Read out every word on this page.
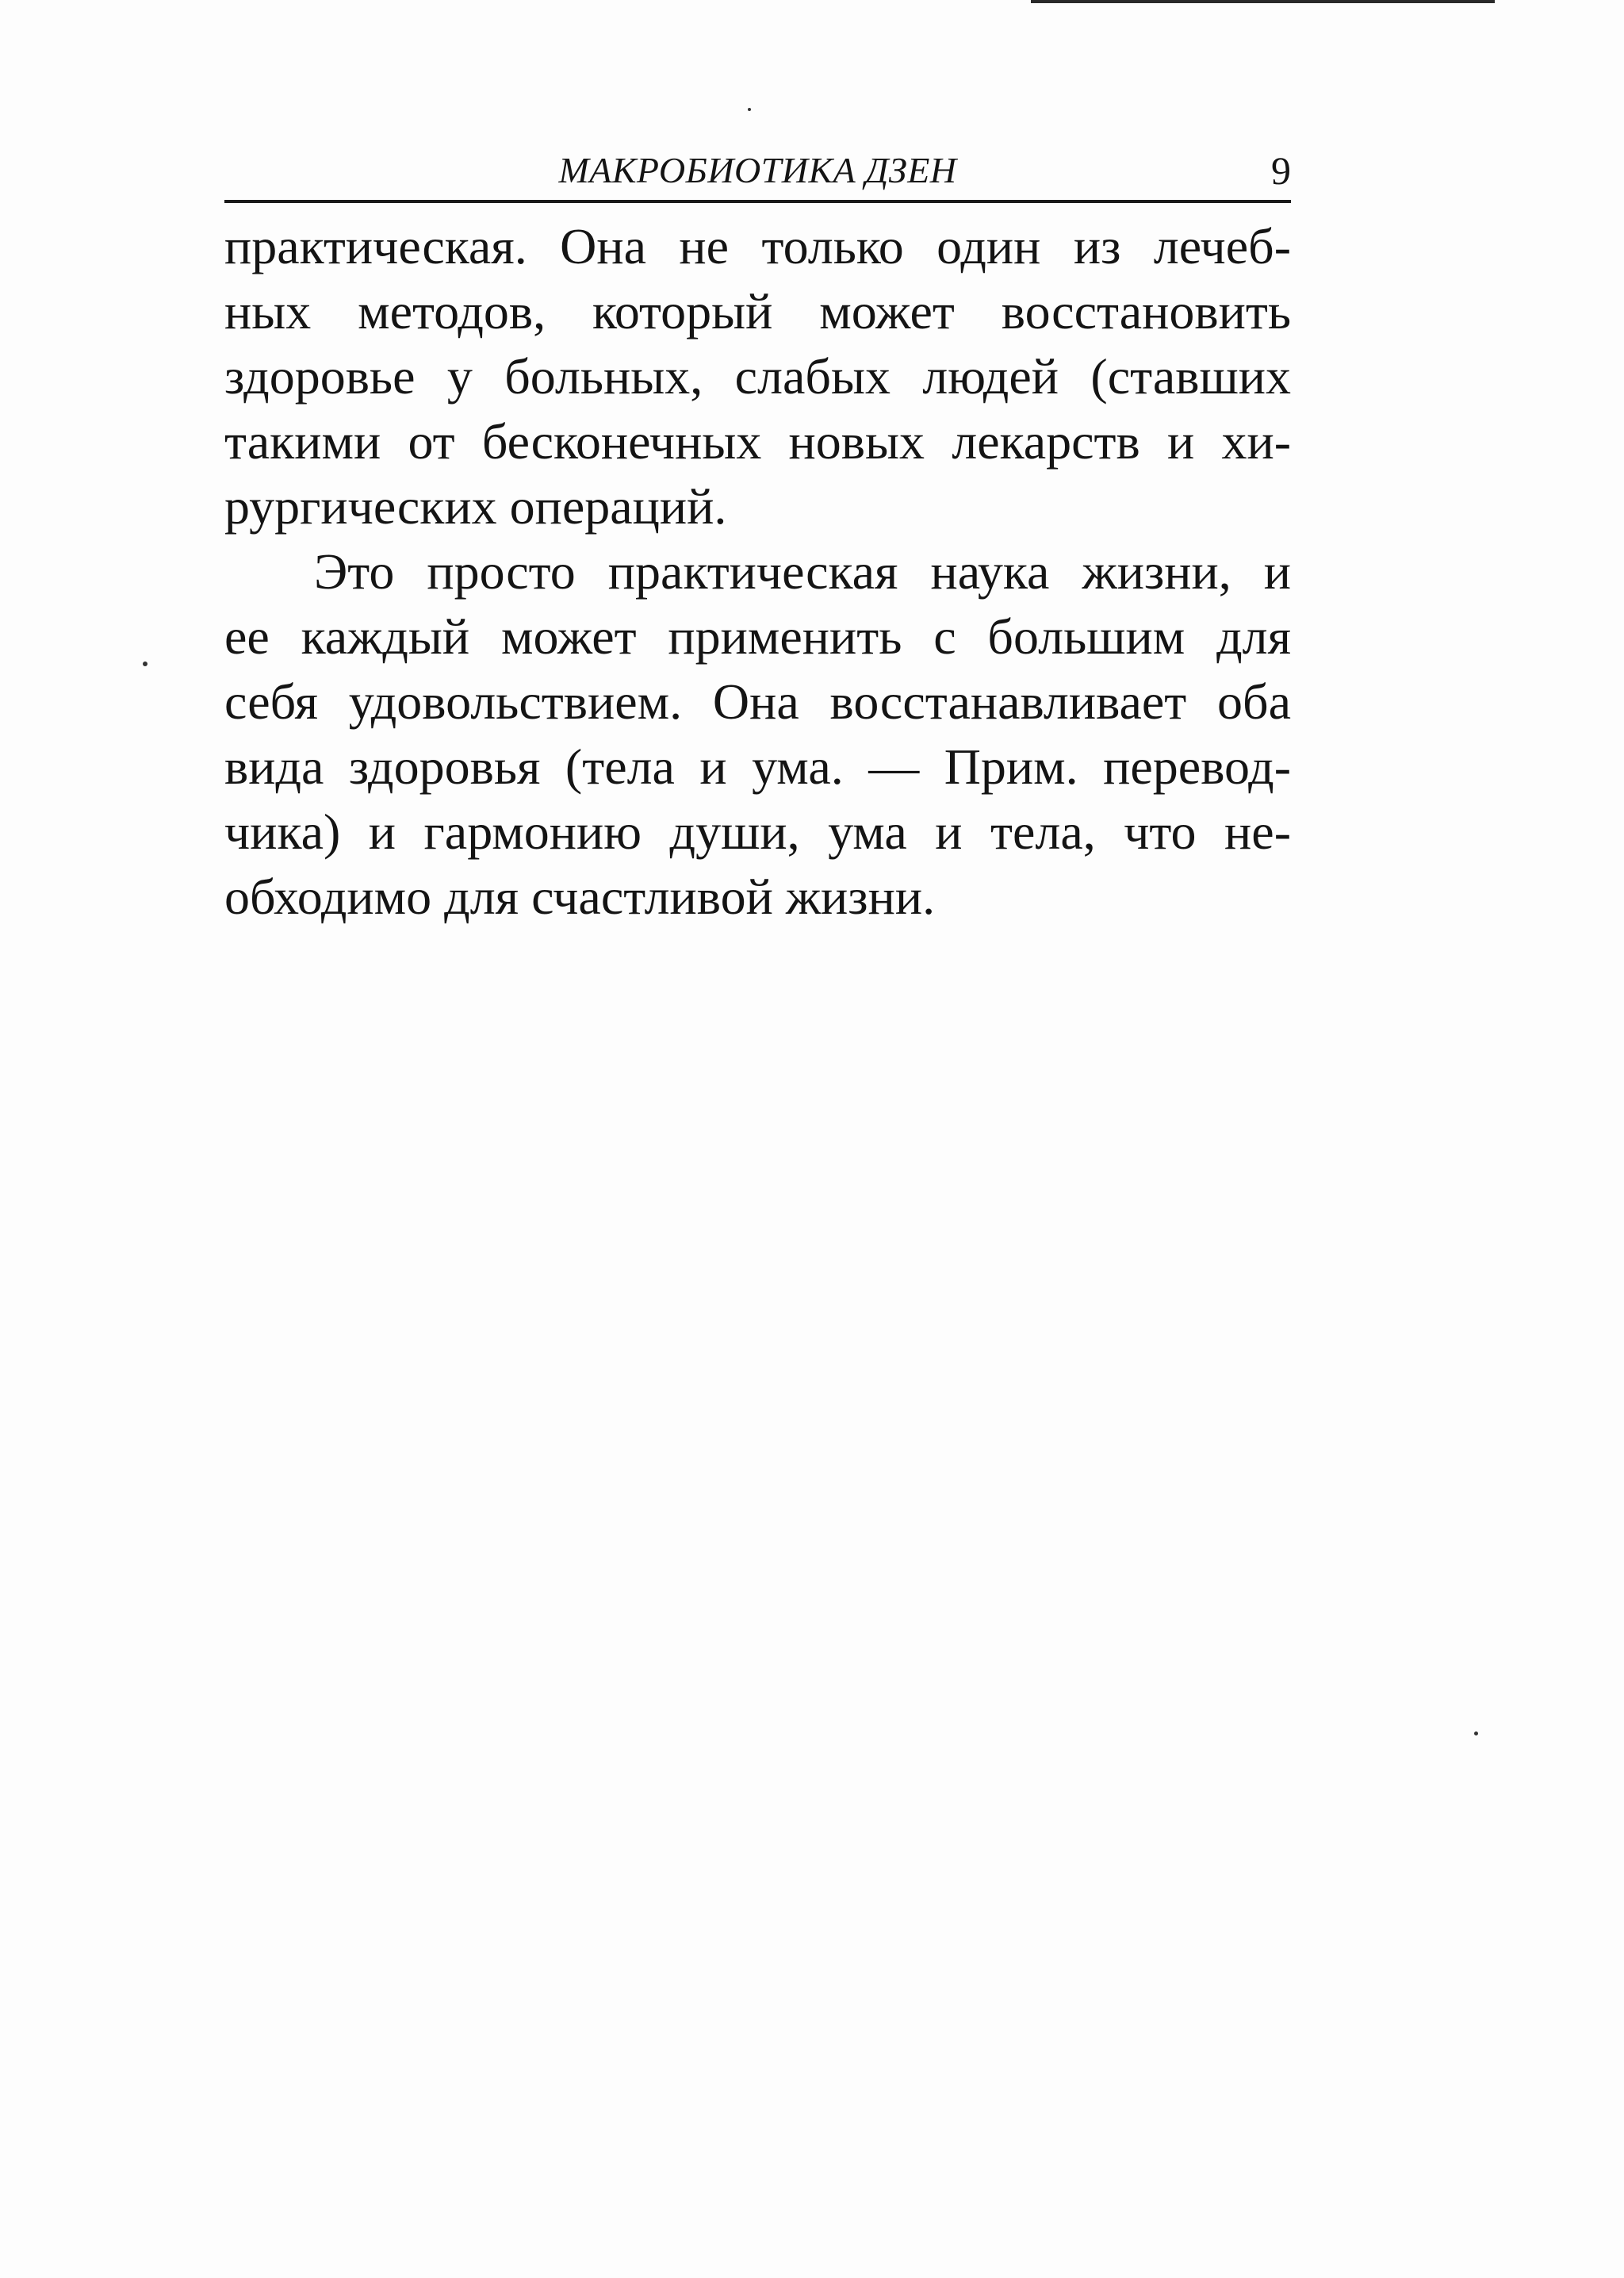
МАКРОБИОТИКА ДЗЕН	9
практическая. Она не только один из лечеб-
ных методов, который может восстановить
здоровье у больных, слабых людей (ставших
такими от бесконечных новых лекарств и хи-
рургических операций.
Это просто практическая наука жизни, и
ее каждый может применить с большим для
себя удовольствием. Она восстанавливает оба
вида здоровья (тела и ума. — Прим. перевод-
чика) и гармонию души, ума и тела, что не-
обходимо для счастливой жизни.
